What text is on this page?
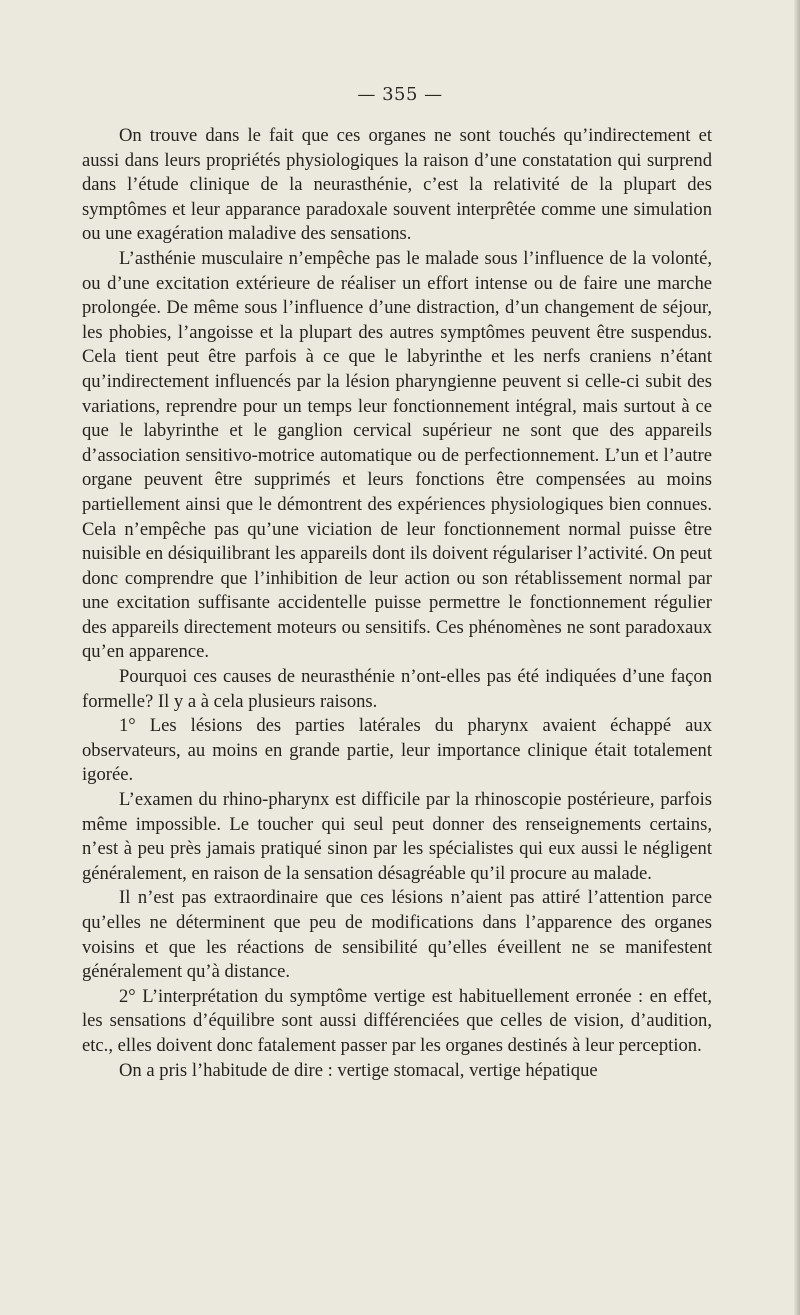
— 355 —

On trouve dans le fait que ces organes ne sont touchés qu’indirectement et aussi dans leurs propriétés physiologiques la raison d’une constatation qui surprend dans l’étude clinique de la neurasthénie, c’est la relativité de la plupart des symptômes et leur apparance paradoxale souvent interprêtée comme une simulation ou une exagération maladive des sensations.

L’asthénie musculaire n’empêche pas le malade sous l’influence de la volonté, ou d’une excitation extérieure de réaliser un effort intense ou de faire une marche prolongée. De même sous l’influence d’une distraction, d’un changement de séjour, les phobies, l’angoisse et la plupart des autres symptômes peuvent être suspendus. Cela tient peut être parfois à ce que le labyrinthe et les nerfs craniens n’étant qu’indirectement influencés par la lésion pharyngienne peuvent si celle-ci subit des variations, reprendre pour un temps leur fonctionnement intégral, mais surtout à ce que le labyrinthe et le ganglion cervical supérieur ne sont que des appareils d’association sensitivo-motrice automatique ou de perfectionnement. L’un et l’autre organe peuvent être supprimés et leurs fonctions être compensées au moins partiellement ainsi que le démontrent des expériences physiologiques bien connues. Cela n’empêche pas qu’une viciation de leur fonctionnement normal puisse être nuisible en désiquilibrant les appareils dont ils doivent régulariser l’activité. On peut donc comprendre que l’inhibition de leur action ou son rétablissement normal par une excitation suffisante accidentelle puisse permettre le fonctionnement régulier des appareils directement moteurs ou sensitifs. Ces phénomènes ne sont paradoxaux qu’en apparence.

Pourquoi ces causes de neurasthénie n’ont-elles pas été indiquées d’une façon formelle? Il y a à cela plusieurs raisons.

1° Les lésions des parties latérales du pharynx avaient échappé aux observateurs, au moins en grande partie, leur importance clinique était totalement igorée.

L’examen du rhino-pharynx est difficile par la rhinoscopie postérieure, parfois même impossible. Le toucher qui seul peut donner des renseignements certains, n’est à peu près jamais pratiqué sinon par les spécialistes qui eux aussi le négligent généralement, en raison de la sensation désagréable qu’il procure au malade.

Il n’est pas extraordinaire que ces lésions n’aient pas attiré l’attention parce qu’elles ne déterminent que peu de modifications dans l’apparence des organes voisins et que les réactions de sensibilité qu’elles éveillent ne se manifestent généralement qu’à distance.

2° L’interprétation du symptôme vertige est habituellement erronée : en effet, les sensations d’équilibre sont aussi différenciées que celles de vision, d’audition, etc., elles doivent donc fatalement passer par les organes destinés à leur perception.

On a pris l’habitude de dire : vertige stomacal, vertige hépatique
